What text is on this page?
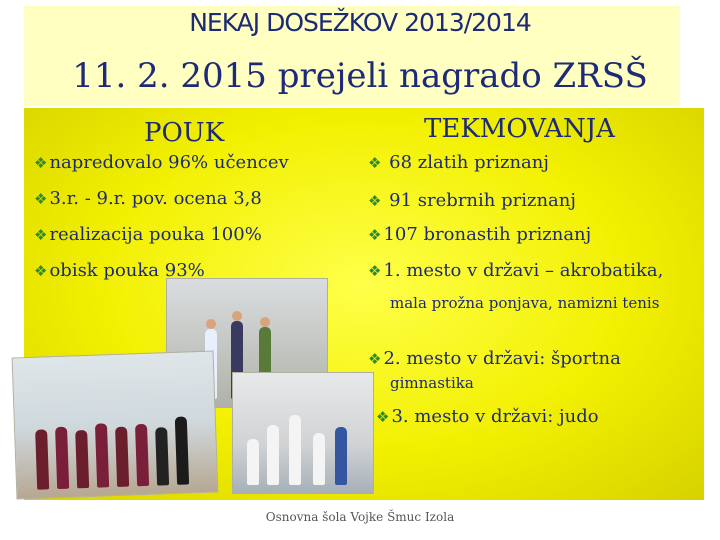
NEKAJ DOSEŽKOV 2013/2014
11. 2. 2015 prejeli nagrado ZRSŠ
POUK	TEKMOVANJA
❖ napredovalo 96% učencev
❖ 3.r. - 9.r. pov. ocena 3,8
❖ realizacija pouka 100%
❖ obisk pouka 93%
❖ 68 zlatih priznanj
❖ 91 srebrnih priznanj
❖ 107 bronastih priznanj
❖ 1. mesto v državi – akrobatika,
mala prožna ponjava, namizni tenis
❖ 2. mesto v državi: športna
gimnastika
❖ 3. mesto v državi: judo
Osnovna šola Vojke Šmuc Izola
